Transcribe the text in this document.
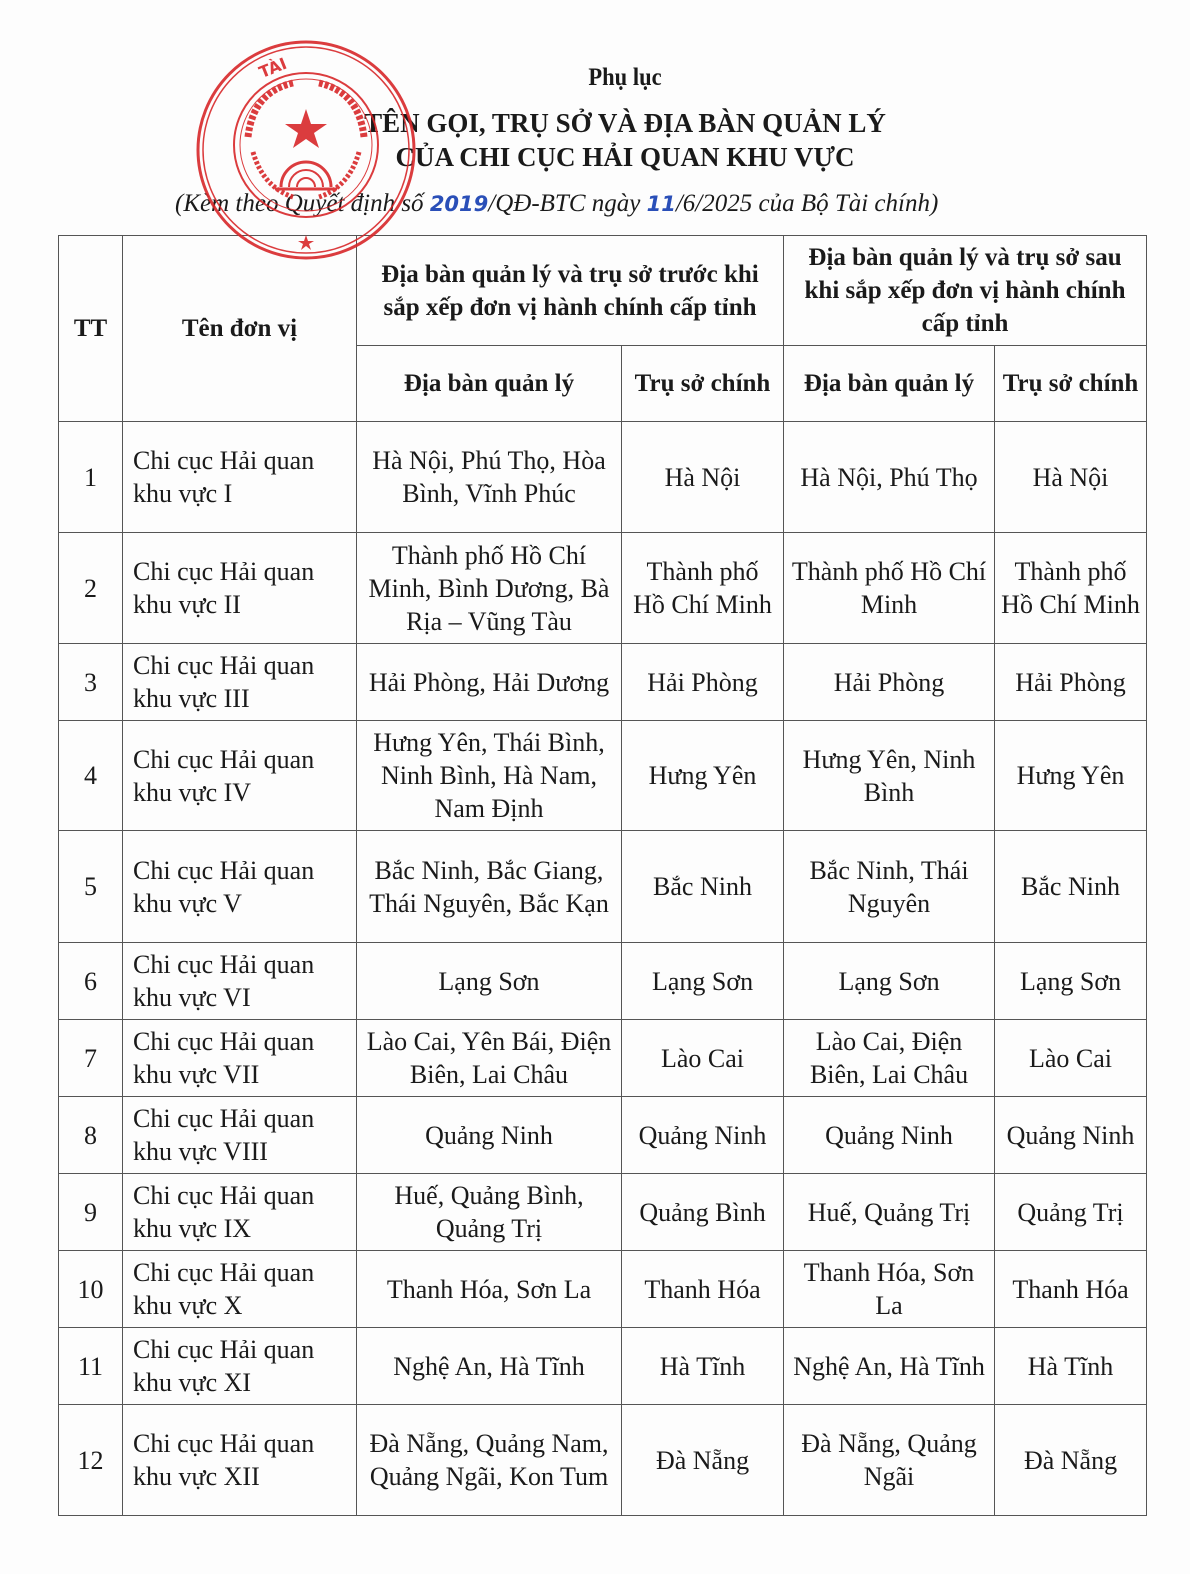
Phụ lục
TÊN GỌI, TRỤ SỞ VÀ ĐỊA BÀN QUẢN LÝ
CỦA CHI CỤC HẢI QUAN KHU VỰC
(Kèm theo Quyết định số 2019/QĐ-BTC ngày 11/6/2025 của Bộ Tài chính)
TT	Tên đơn vị	Địa bàn quản lý và trụ sở trước khi sắp xếp đơn vị hành chính cấp tỉnh		Địa bàn quản lý và trụ sở sau khi sắp xếp đơn vị hành chính cấp tỉnh	
		Địa bàn quản lý	Trụ sở chính	Địa bàn quản lý	Trụ sở chính
1	Chi cục Hải quan khu vực I	Hà Nội, Phú Thọ, Hòa Bình, Vĩnh Phúc	Hà Nội	Hà Nội, Phú Thọ	Hà Nội
2	Chi cục Hải quan khu vực II	Thành phố Hồ Chí Minh, Bình Dương, Bà Rịa – Vũng Tàu	Thành phố Hồ Chí Minh	Thành phố Hồ Chí Minh	Thành phố Hồ Chí Minh
3	Chi cục Hải quan khu vực III	Hải Phòng, Hải Dương	Hải Phòng	Hải Phòng	Hải Phòng
4	Chi cục Hải quan khu vực IV	Hưng Yên, Thái Bình, Ninh Bình, Hà Nam, Nam Định	Hưng Yên	Hưng Yên, Ninh Bình	Hưng Yên
5	Chi cục Hải quan khu vực V	Bắc Ninh, Bắc Giang, Thái Nguyên, Bắc Kạn	Bắc Ninh	Bắc Ninh, Thái Nguyên	Bắc Ninh
6	Chi cục Hải quan khu vực VI	Lạng Sơn	Lạng Sơn	Lạng Sơn	Lạng Sơn
7	Chi cục Hải quan khu vực VII	Lào Cai, Yên Bái, Điện Biên, Lai Châu	Lào Cai	Lào Cai, Điện Biên, Lai Châu	Lào Cai
8	Chi cục Hải quan khu vực VIII	Quảng Ninh	Quảng Ninh	Quảng Ninh	Quảng Ninh
9	Chi cục Hải quan khu vực IX	Huế, Quảng Bình, Quảng Trị	Quảng Bình	Huế, Quảng Trị	Quảng Trị
10	Chi cục Hải quan khu vực X	Thanh Hóa, Sơn La	Thanh Hóa	Thanh Hóa, Sơn La	Thanh Hóa
11	Chi cục Hải quan khu vực XI	Nghệ An, Hà Tĩnh	Hà Tĩnh	Nghệ An, Hà Tĩnh	Hà Tĩnh
12	Chi cục Hải quan khu vực XII	Đà Nẵng, Quảng Nam, Quảng Ngãi, Kon Tum	Đà Nẵng	Đà Nẵng, Quảng Ngãi	Đà Nẵng
TÀI
